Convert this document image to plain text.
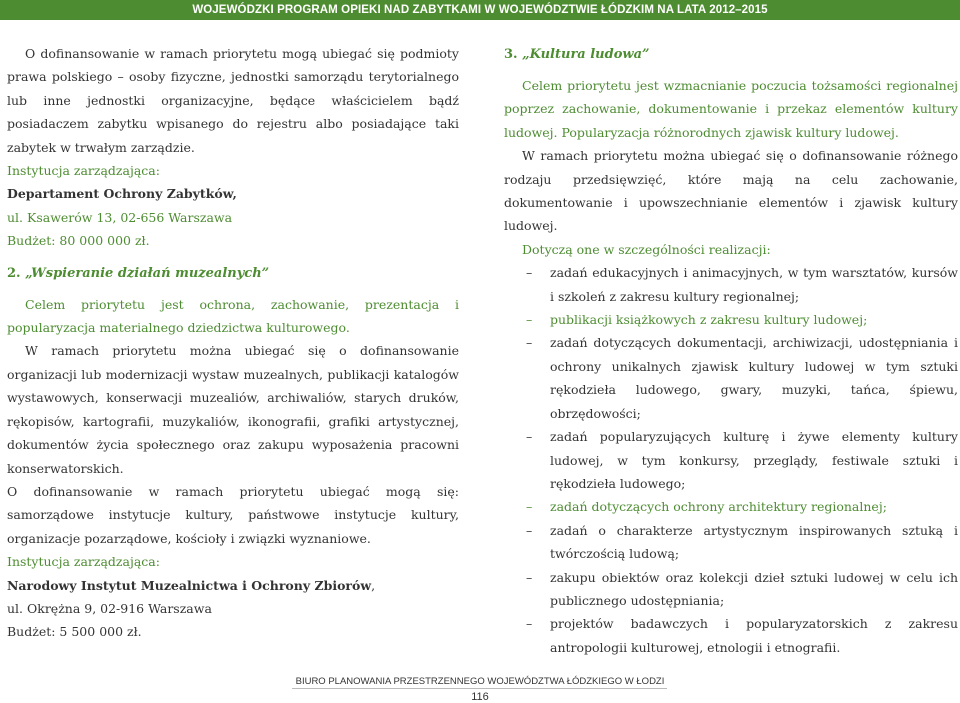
WOJEWÓDZKI PROGRAM OPIEKI NAD ZABYTKAMI W WOJEWÓDZTWIE ŁÓDZKIM NA LATA 2012–2015

O dofinansowanie w ramach priorytetu mogą ubiegać się podmioty prawa polskiego – osoby fizyczne, jednostki samorządu terytorialnego lub inne jednostki organizacyjne, będące właścicielem bądź posiadaczem zabytku wpisanego do rejestru albo posiadające taki zabytek w trwałym zarządzie.

Instytucja zarządzająca:

Departament Ochrony Zabytków,

ul. Ksawerów 13, 02-656 Warszawa

Budżet: 80 000 000 zł.

2. „Wspieranie działań muzealnych”

Celem priorytetu jest ochrona, zachowanie, prezentacja i popularyzacja materialnego dziedzictwa kulturowego.

W ramach priorytetu można ubiegać się o dofinansowanie organizacji lub modernizacji wystaw muzealnych, publikacji katalogów wystawowych, konserwacji muzealiów, archiwaliów, starych druków, rękopisów, kartografii, muzykaliów, ikonografii, grafiki artystycznej, dokumentów życia społecznego oraz zakupu wyposażenia pracowni konserwatorskich.

O dofinansowanie w ramach priorytetu ubiegać mogą się: samorządowe instytucje kultury, państwowe instytucje kultury, organizacje pozarządowe, kościoły i związki wyznaniowe.

Instytucja zarządzająca:

Narodowy Instytut Muzealnictwa i Ochrony Zbiorów,

ul. Okrężna 9, 02-916 Warszawa

Budżet: 5 500 000 zł.

3. „Kultura ludowa”

Celem priorytetu jest wzmacnianie poczucia tożsamości regionalnej poprzez zachowanie, dokumentowanie i przekaz elementów kultury ludowej. Popularyzacja różnorodnych zjawisk kultury ludowej.

W ramach priorytetu można ubiegać się o dofinansowanie różnego rodzaju przedsięwzięć, które mają na celu zachowanie, dokumentowanie i upowszechnianie elementów i zjawisk kultury ludowej.

Dotyczą one w szczególności realizacji:

– zadań edukacyjnych i animacyjnych, w tym warsztatów, kursów i szkoleń z zakresu kultury regionalnej;
– publikacji książkowych z zakresu kultury ludowej;
– zadań dotyczących dokumentacji, archiwizacji, udostępniania i ochrony unikalnych zjawisk kultury ludowej w tym sztuki rękodzieła ludowego, gwary, muzyki, tańca, śpiewu, obrzędowości;
– zadań popularyzujących kulturę i żywe elementy kultury ludowej, w tym konkursy, przeglądy, festiwale sztuki i rękodzieła ludowego;
– zadań dotyczących ochrony architektury regionalnej;
– zadań o charakterze artystycznym inspirowanych sztuką i twórczością ludową;
– zakupu obiektów oraz kolekcji dzieł sztuki ludowej w celu ich publicznego udostępniania;
– projektów badawczych i popularyzatorskich z zakresu antropologii kulturowej, etnologii i etnografii.
BIURO PLANOWANIA PRZESTRZENNEGO WOJEWÓDZTWA ŁÓDZKIEGO W ŁODZI
116
